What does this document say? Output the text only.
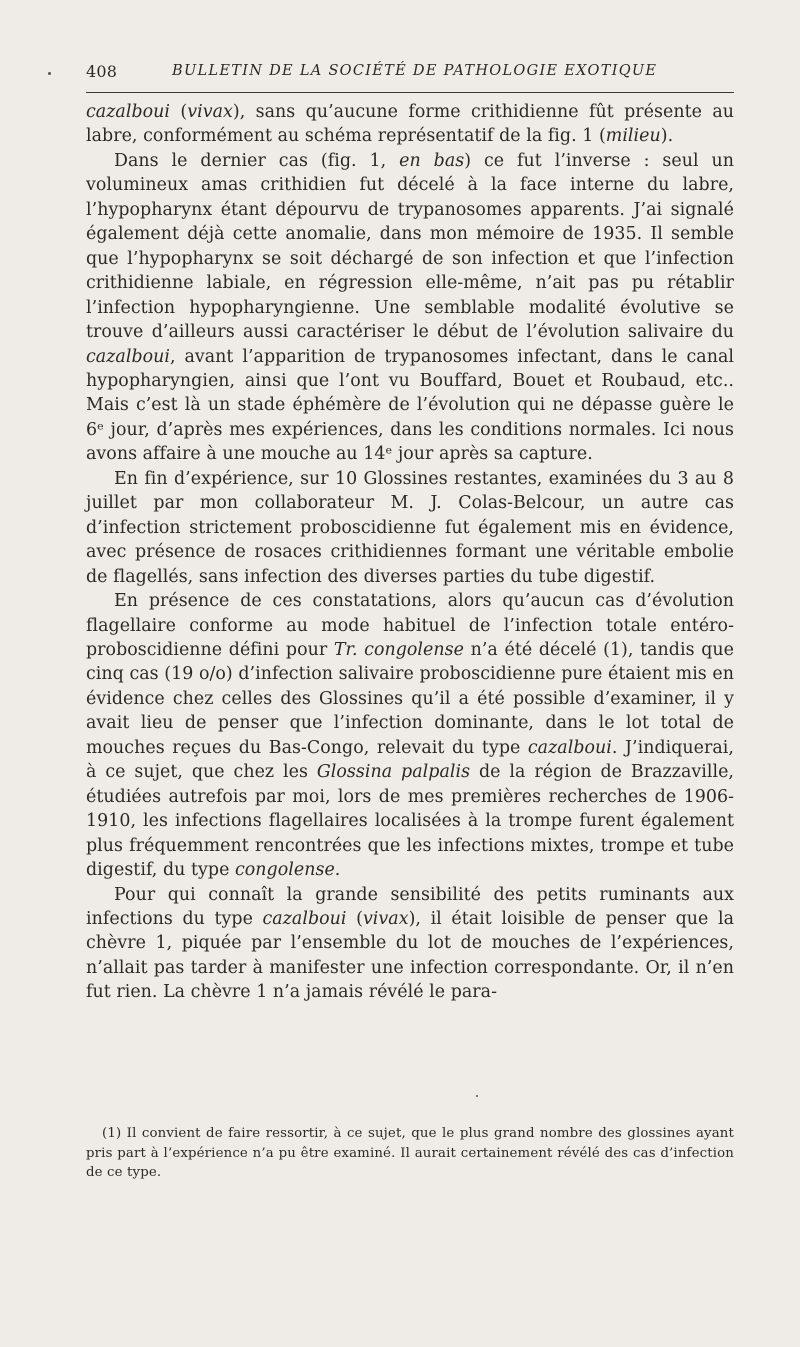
408	BULLETIN DE LA SOCIÉTÉ DE PATHOLOGIE EXOTIQUE

cazalboui (vivax), sans qu’aucune forme crithidienne fût présente au labre, conformément au schéma représentatif de la fig. 1 (milieu).

Dans le dernier cas (fig. 1, en bas) ce fut l’inverse : seul un volumineux amas crithidien fut décelé à la face interne du labre, l’hypopharynx étant dépourvu de trypanosomes apparents. J’ai signalé également déjà cette anomalie, dans mon mémoire de 1935. Il semble que l’hypopharynx se soit déchargé de son infection et que l’infection crithidienne labiale, en régression elle-même, n’ait pas pu rétablir l’infection hypopharyngienne. Une semblable modalité évolutive se trouve d’ailleurs aussi caractériser le début de l’évolution salivaire du cazalboui, avant l’apparition de trypanosomes infectant, dans le canal hypopharyngien, ainsi que l’ont vu Bouffard, Bouet et Roubaud, etc.. Mais c’est là un stade éphémère de l’évolution qui ne dépasse guère le 6ᵉ jour, d’après mes expériences, dans les conditions normales. Ici nous avons affaire à une mouche au 14ᵉ jour après sa capture.

En fin d’expérience, sur 10 Glossines restantes, examinées du 3 au 8 juillet par mon collaborateur M. J. Colas-Belcour, un autre cas d’infection strictement proboscidienne fut également mis en évidence, avec présence de rosaces crithidiennes formant une véritable embolie de flagellés, sans infection des diverses parties du tube digestif.

En présence de ces constatations, alors qu’aucun cas d’évolution flagellaire conforme au mode habituel de l’infection totale entéro-proboscidienne défini pour Tr. congolense n’a été décelé (1), tandis que cinq cas (19 o/o) d’infection salivaire proboscidienne pure étaient mis en évidence chez celles des Glossines qu’il a été possible d’examiner, il y avait lieu de penser que l’infection dominante, dans le lot total de mouches reçues du Bas-Congo, relevait du type cazalboui. J’indiquerai, à ce sujet, que chez les Glossina palpalis de la région de Brazzaville, étudiées autrefois par moi, lors de mes premières recherches de 1906-1910, les infections flagellaires localisées à la trompe furent également plus fréquemment rencontrées que les infections mixtes, trompe et tube digestif, du type congolense.

Pour qui connaît la grande sensibilité des petits ruminants aux infections du type cazalboui (vivax), il était loisible de penser que la chèvre 1, piquée par l’ensemble du lot de mouches de l’expériences, n’allait pas tarder à manifester une infection correspondante. Or, il n’en fut rien. La chèvre 1 n’a jamais révélé le para-

(1) Il convient de faire ressortir, à ce sujet, que le plus grand nombre des glossines ayant pris part à l’expérience n’a pu être examiné. Il aurait certainement révélé des cas d’infection de ce type.
